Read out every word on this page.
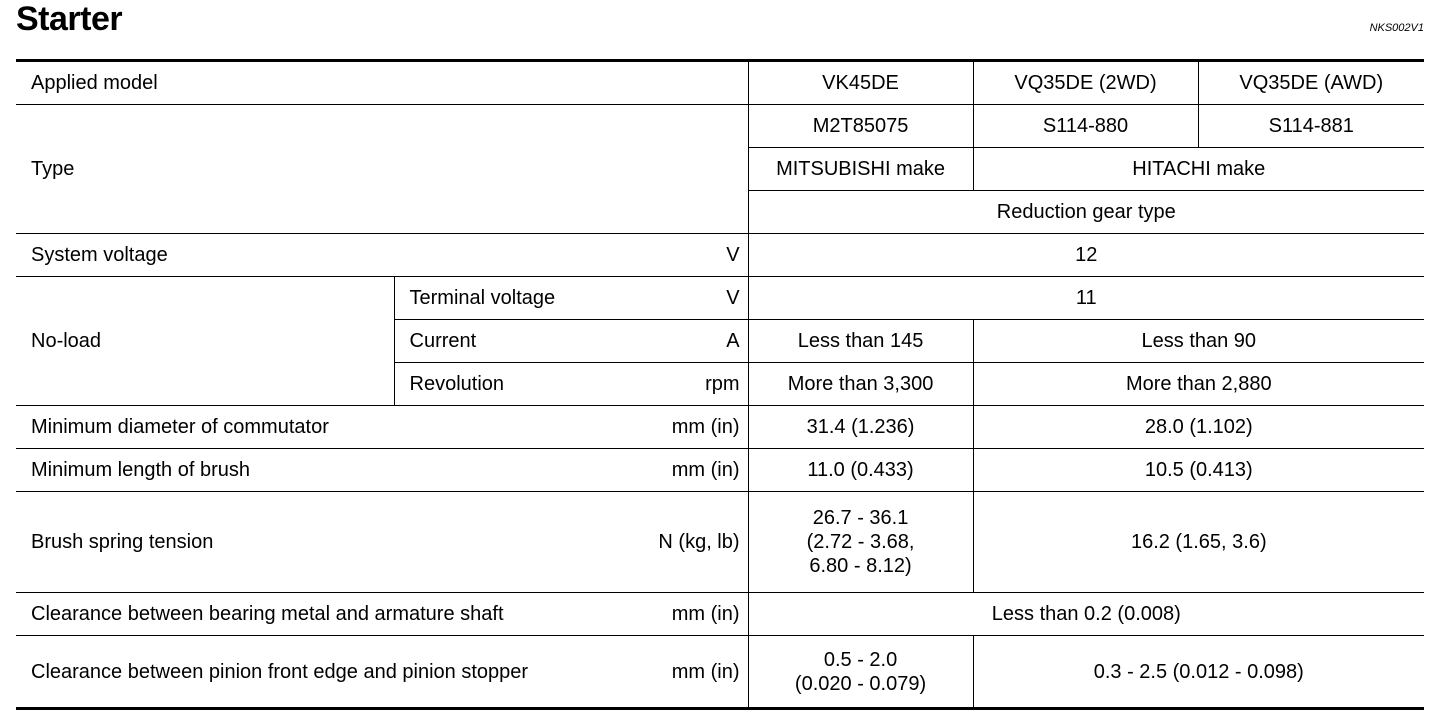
Starter	NKS002V1
Applied model			VK45DE	VQ35DE (2WD)	VQ35DE (AWD)
Type			M2T85075	S114-880	S114-881
			MITSUBISHI make	HITACHI make	
			Reduction gear type		
System voltage		V	12		
No-load	Terminal voltage	V	11		
	Current	A	Less than 145	Less than 90	
	Revolution	rpm	More than 3,300	More than 2,880	
Minimum diameter of commutator		mm (in)	31.4 (1.236)	28.0 (1.102)	
Minimum length of brush		mm (in)	11.0 (0.433)	10.5 (0.413)	
Brush spring tension		N (kg, lb)	26.7 - 36.1
(2.72 - 3.68,
6.80 - 8.12)	16.2 (1.65, 3.6)	
Clearance between bearing metal and armature shaft		mm (in)	Less than 0.2 (0.008)		
Clearance between pinion front edge and pinion stopper		mm (in)	0.5 - 2.0
(0.020 - 0.079)	0.3 - 2.5 (0.012 - 0.098)	
